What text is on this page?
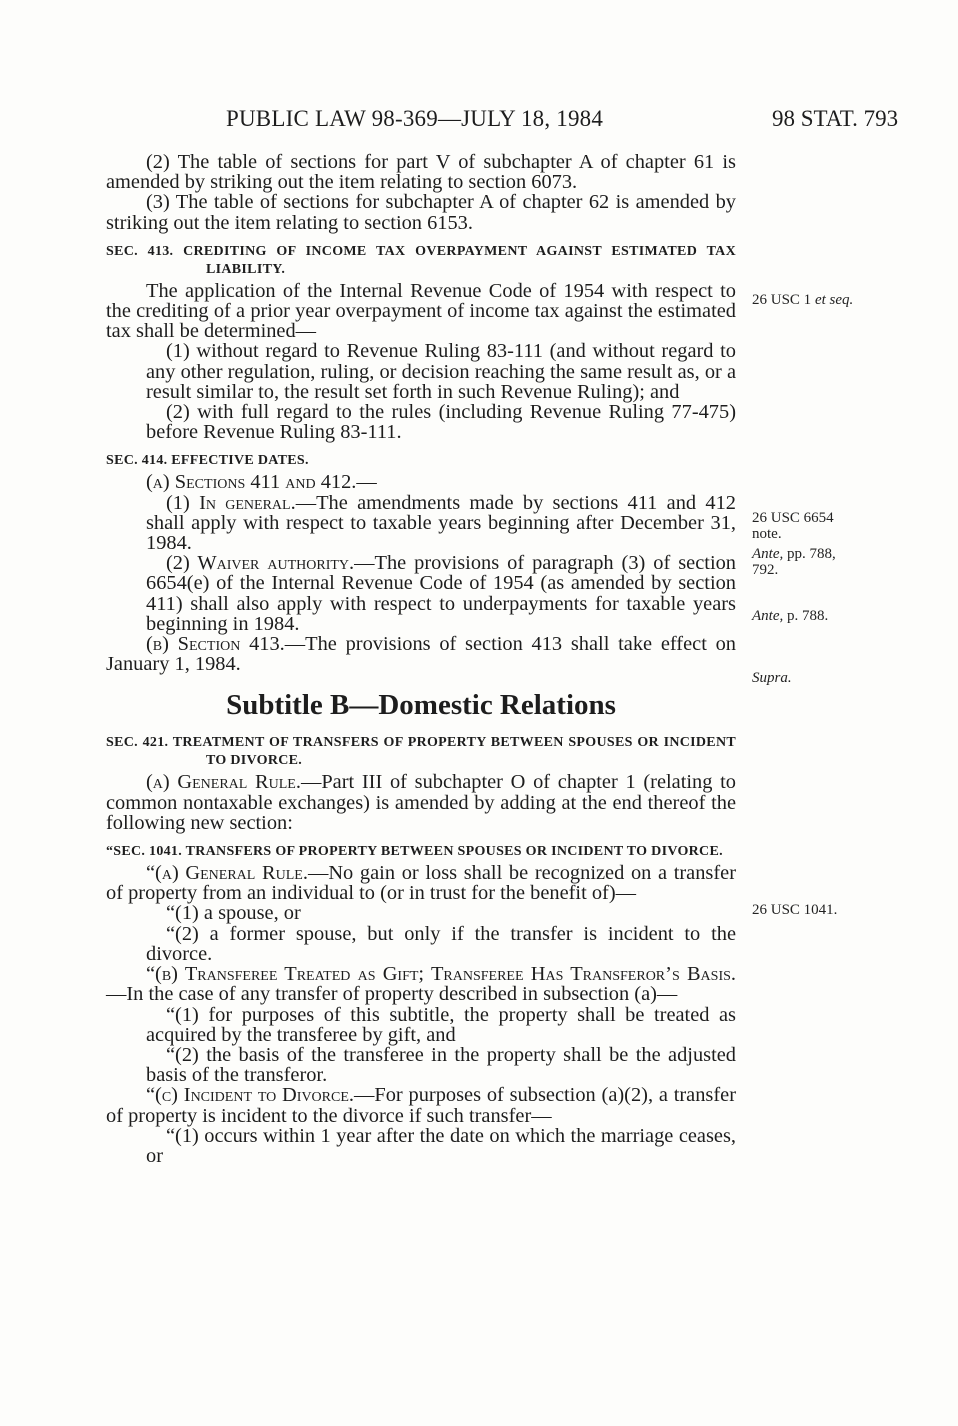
PUBLIC LAW 98-369—JULY 18, 1984	98 STAT. 793

(2) The table of sections for part V of subchapter A of chapter 61 is amended by striking out the item relating to section 6073.

(3) The table of sections for subchapter A of chapter 62 is amended by striking out the item relating to section 6153.

SEC. 413. CREDITING OF INCOME TAX OVERPAYMENT AGAINST ESTIMATED TAX LIABILITY.

The application of the Internal Revenue Code of 1954 with respect to the crediting of a prior year overpayment of income tax against the estimated tax shall be determined—

(1) without regard to Revenue Ruling 83-111 (and without regard to any other regulation, ruling, or decision reaching the same result as, or a result similar to, the result set forth in such Revenue Ruling); and

(2) with full regard to the rules (including Revenue Ruling 77-475) before Revenue Ruling 83-111.

SEC. 414. EFFECTIVE DATES.

(a) Sections 411 and 412.—

(1) In general.—The amendments made by sections 411 and 412 shall apply with respect to taxable years beginning after December 31, 1984.

(2) Waiver authority.—The provisions of paragraph (3) of section 6654(e) of the Internal Revenue Code of 1954 (as amended by section 411) shall also apply with respect to underpayments for taxable years beginning in 1984.

(b) Section 413.—The provisions of section 413 shall take effect on January 1, 1984.

Subtitle B—Domestic Relations

SEC. 421. TREATMENT OF TRANSFERS OF PROPERTY BETWEEN SPOUSES OR INCIDENT TO DIVORCE.

(a) General Rule.—Part III of subchapter O of chapter 1 (relating to common nontaxable exchanges) is amended by adding at the end thereof the following new section:

“SEC. 1041. TRANSFERS OF PROPERTY BETWEEN SPOUSES OR INCIDENT TO DIVORCE.

“(a) General Rule.—No gain or loss shall be recognized on a transfer of property from an individual to (or in trust for the benefit of)—

“(1) a spouse, or

“(2) a former spouse, but only if the transfer is incident to the divorce.

“(b) Transferee Treated as Gift; Transferee Has Transferor’s Basis.—In the case of any transfer of property described in subsection (a)—

“(1) for purposes of this subtitle, the property shall be treated as acquired by the transferee by gift, and

“(2) the basis of the transferee in the property shall be the adjusted basis of the transferor.

“(c) Incident to Divorce.—For purposes of subsection (a)(2), a transfer of property is incident to the divorce if such transfer—

“(1) occurs within 1 year after the date on which the marriage ceases, or

26 USC 1 et seq.
26 USC 6654
note.
Ante, pp. 788, 792.
Ante, p. 788.
Supra.
26 USC 1041.
